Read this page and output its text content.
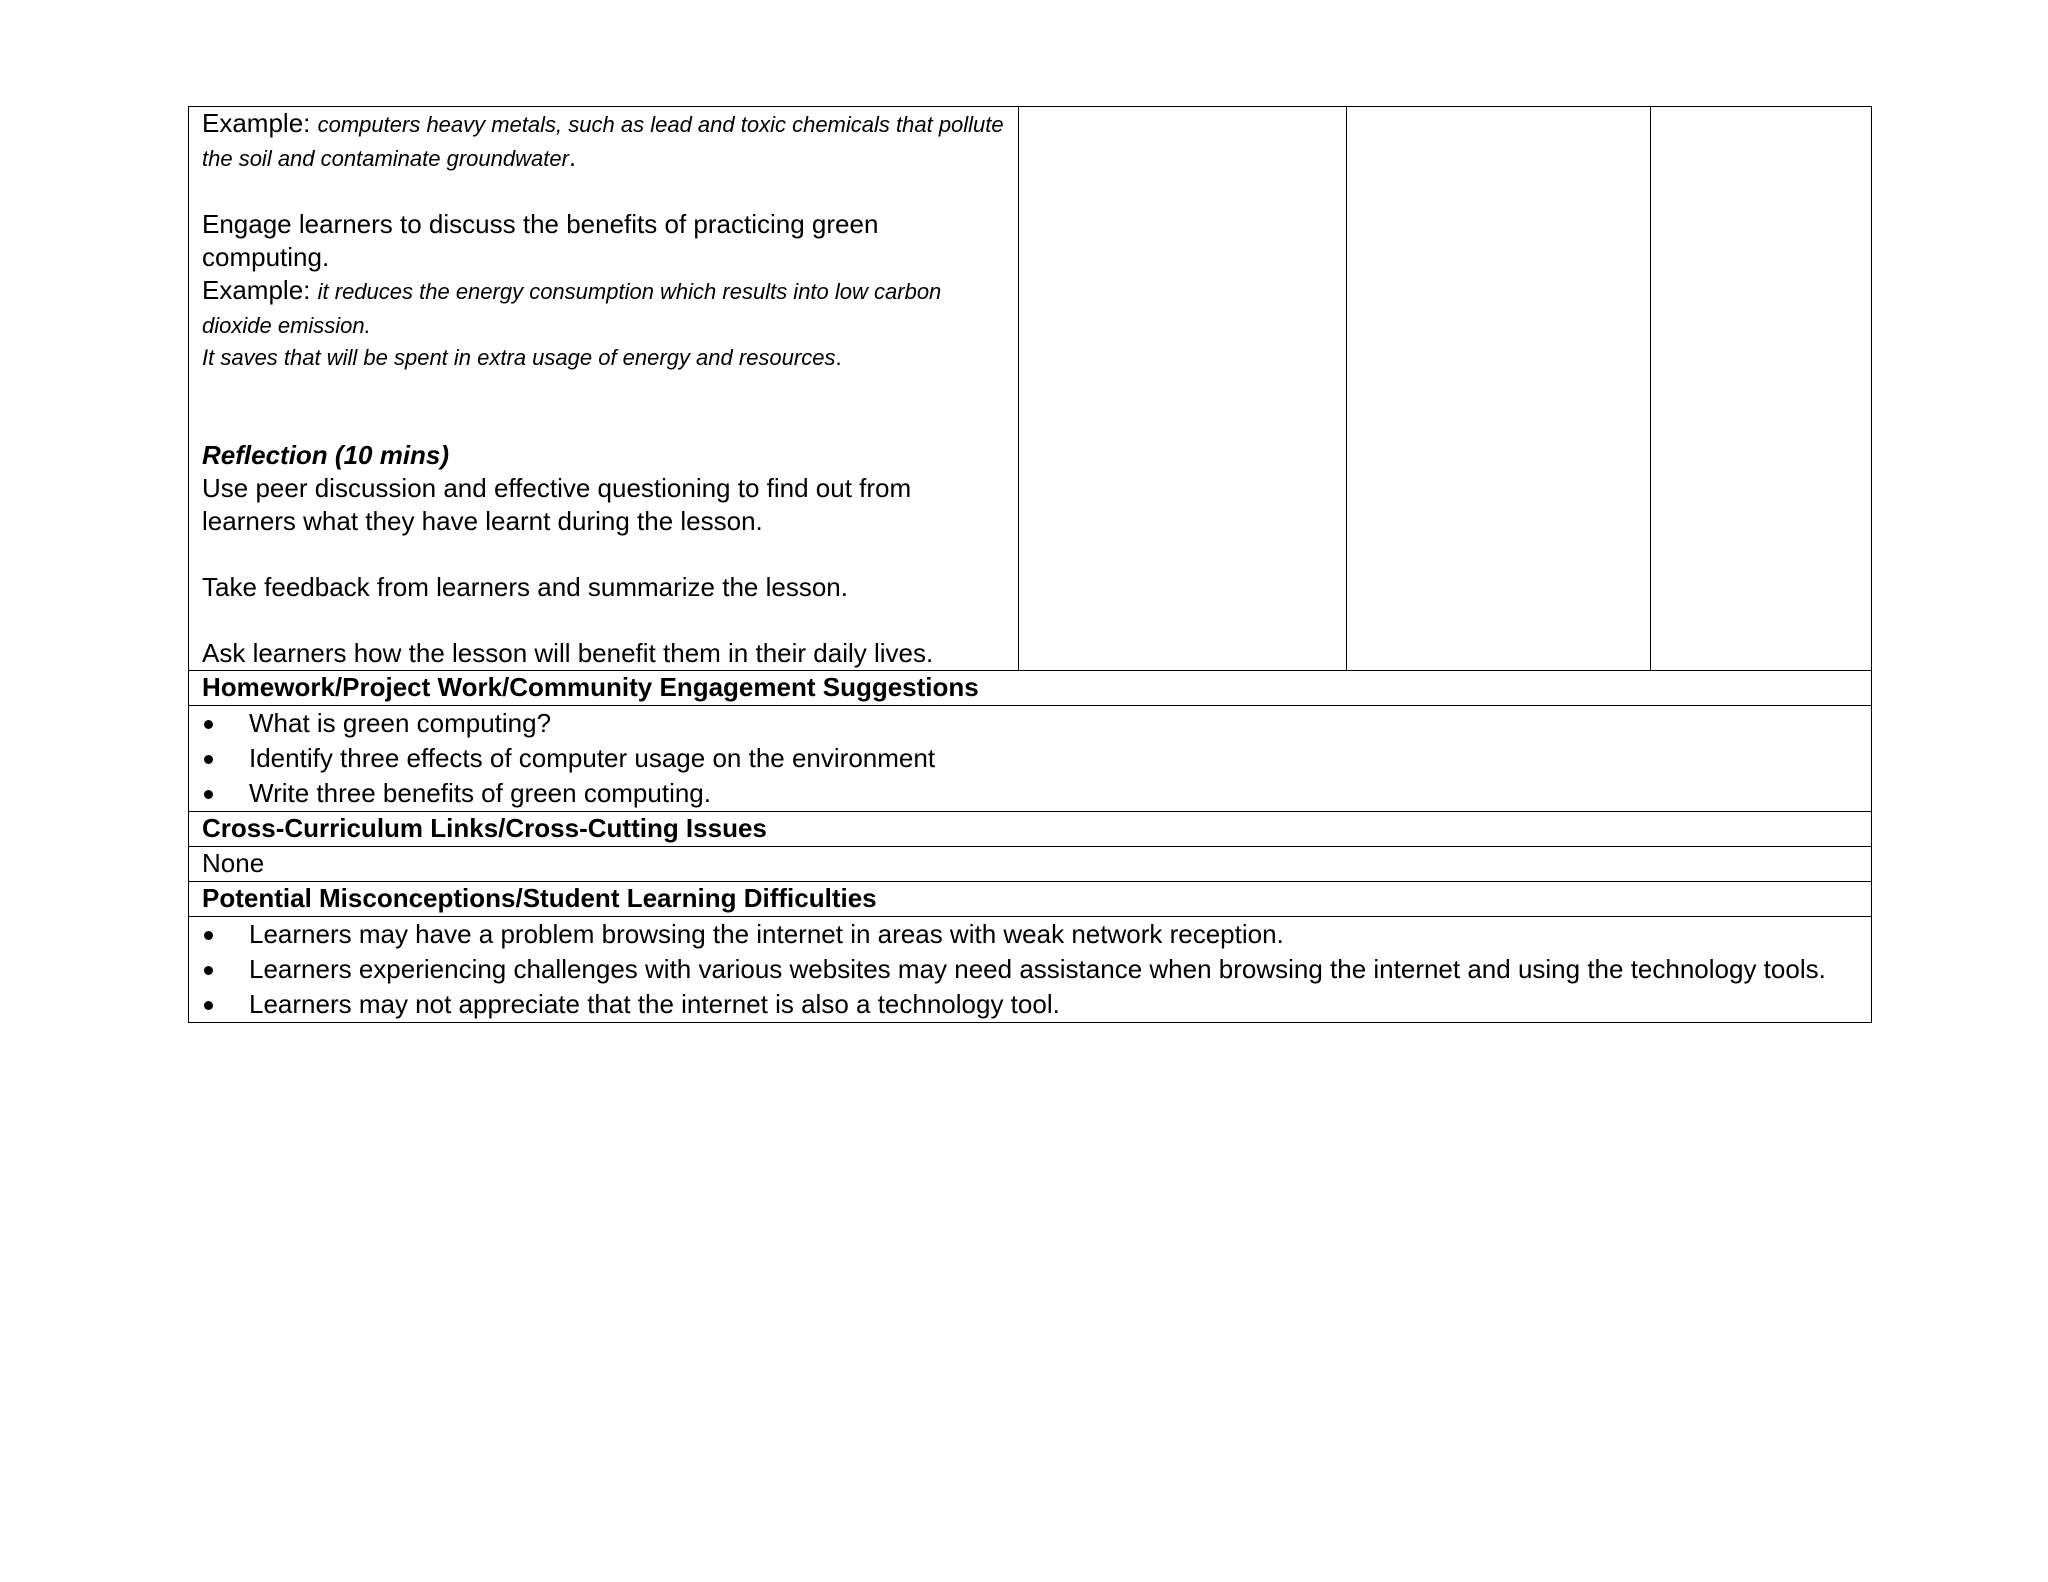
Example: computers heavy metals, such as lead and toxic chemicals that pollute the soil and contaminate groundwater.

Engage learners to discuss the benefits of practicing green computing.

Example: it reduces the energy consumption which results into low carbon dioxide emission.

It saves that will be spent in extra usage of energy and resources.

Reflection (10 mins)

Use peer discussion and effective questioning to find out from learners what they have learnt during the lesson.

Take feedback from learners and summarize the lesson.

Ask learners how the lesson will benefit them in their daily lives.

Homework/Project Work/Community Engagement Suggestions

What is green computing?
Identify three effects of computer usage on the environment
Write three benefits of green computing.

Cross-Curriculum Links/Cross-Cutting Issues
None
Potential Misconceptions/Student Learning Difficulties

Learners may have a problem browsing the internet in areas with weak network reception.
Learners experiencing challenges with various websites may need assistance when browsing the internet and using the technology tools.
Learners may not appreciate that the internet is also a technology tool.
